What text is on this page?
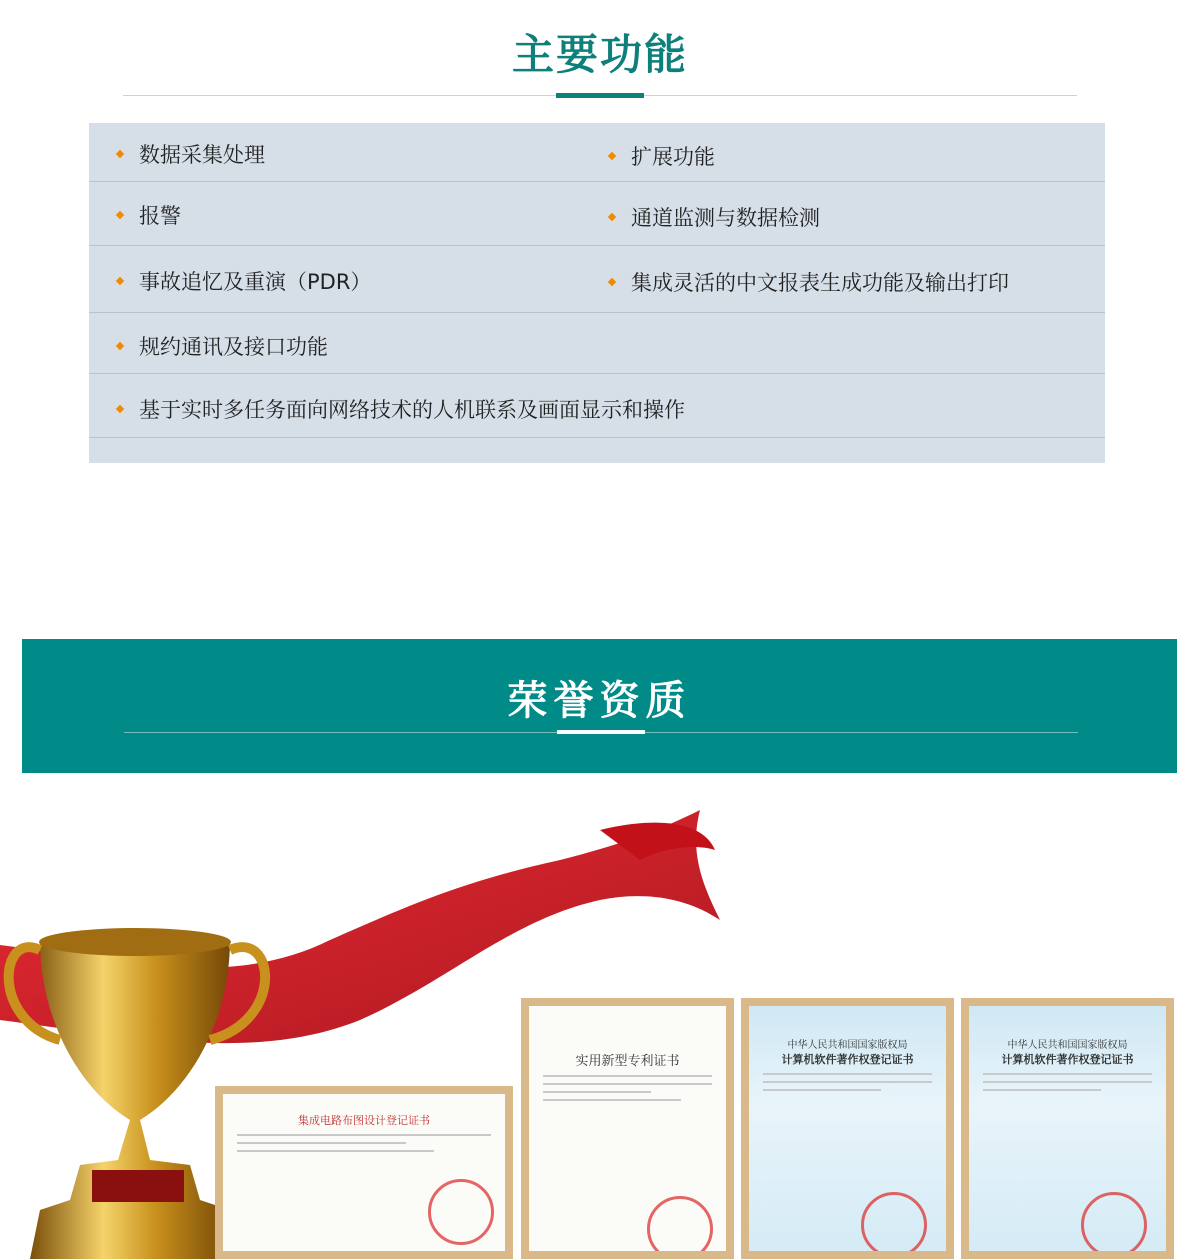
主要功能
数据采集处理	扩展功能
报警	通道监测与数据检测
事故追忆及重演（PDR）	集成灵活的中文报表生成功能及输出打印
规约通讯及接口功能
基于实时多任务面向网络技术的人机联系及画面显示和操作
荣誉资质
集成电路布图设计登记证书
实用新型专利证书
中华人民共和国国家版权局
计算机软件著作权登记证书
中华人民共和国国家版权局
计算机软件著作权登记证书
